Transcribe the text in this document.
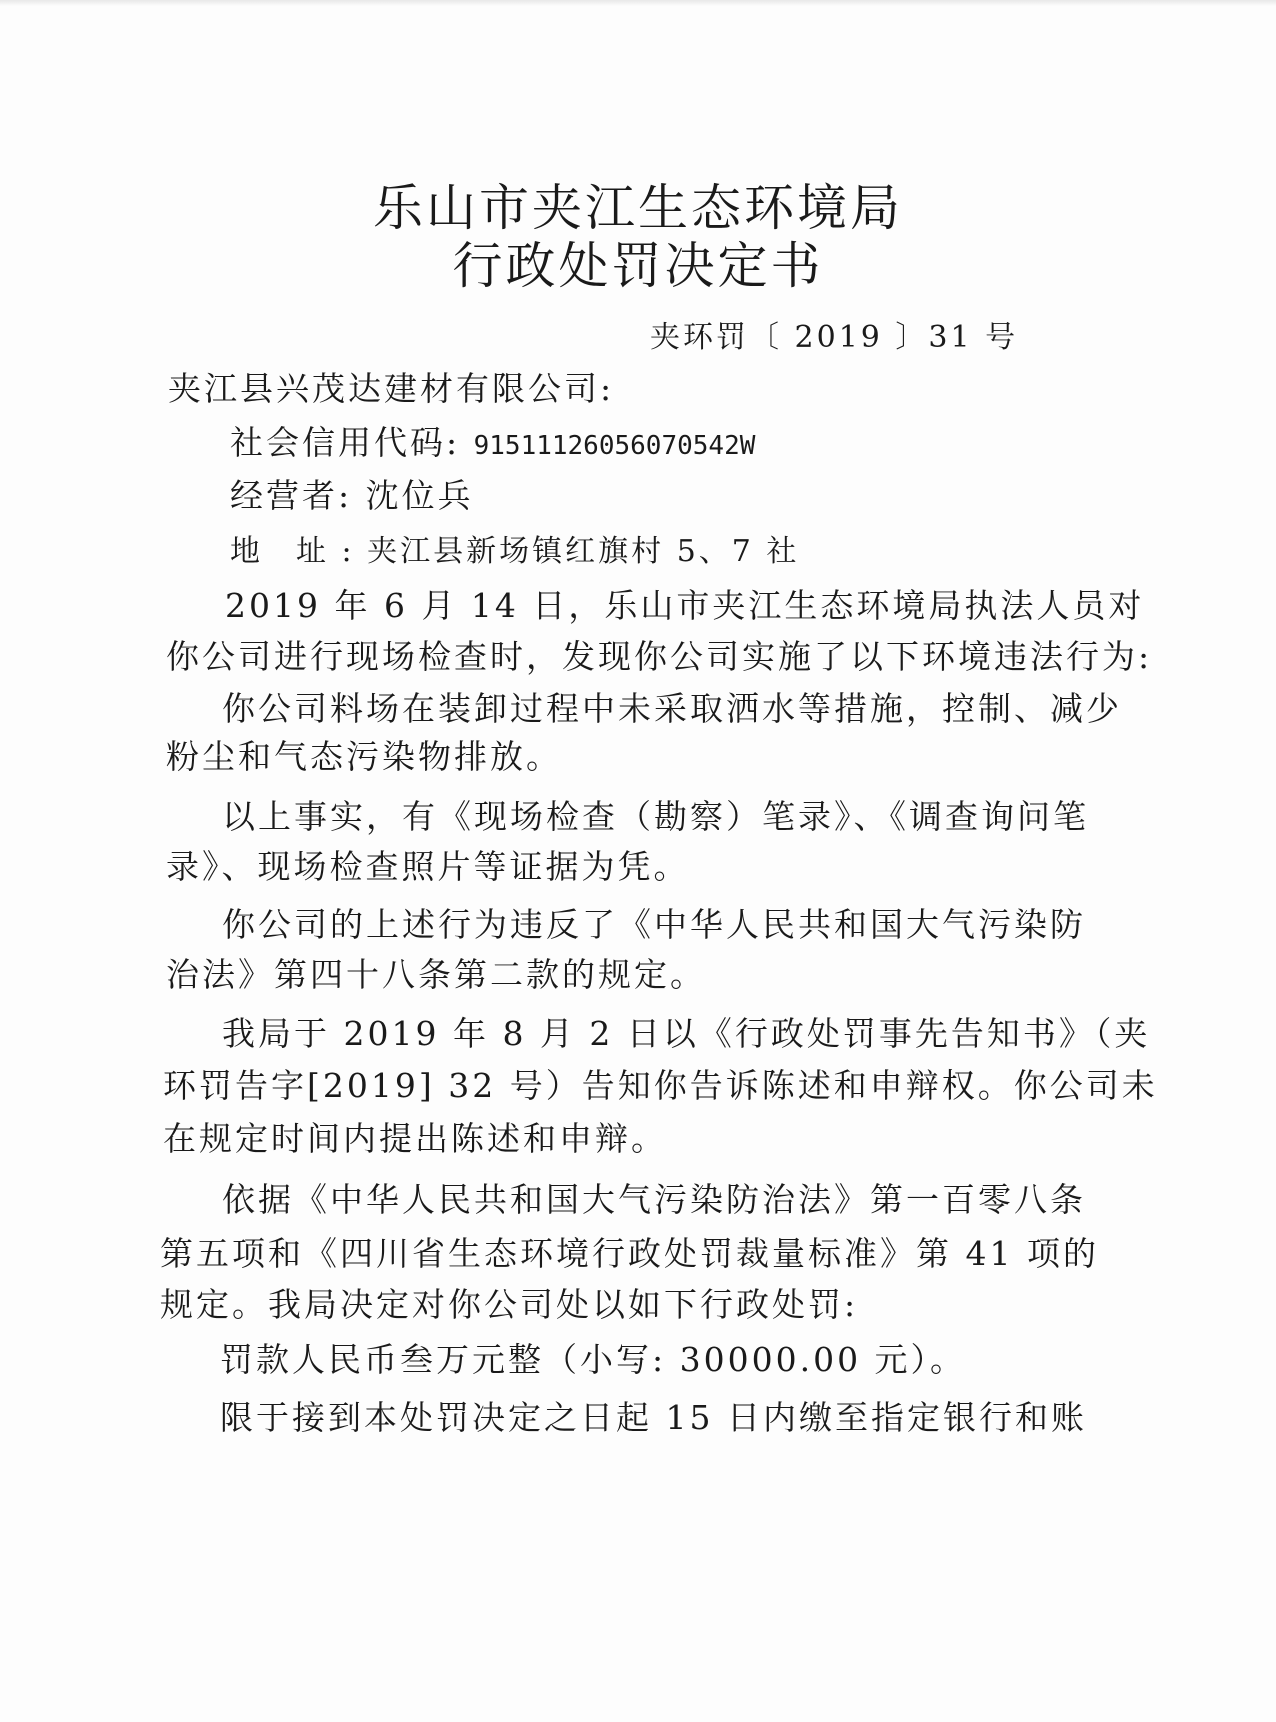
乐山市夹江生态环境局
行政处罚决定书
夹环罚〔 2019 〕31 号
夹江县兴茂达建材有限公司:
社会信用代码: 91511126056070542W
经营者: 沈位兵
地　址 : 夹江县新场镇红旗村 5、7 社
2019 年 6 月 14 日，乐山市夹江生态环境局执法人员对
你公司进行现场检查时，发现你公司实施了以下环境违法行为:
你公司料场在装卸过程中未采取洒水等措施，控制、减少
粉尘和气态污染物排放。
以上事实，有《现场检查（勘察）笔录》、《调查询问笔
录》、现场检查照片等证据为凭。
你公司的上述行为违反了《中华人民共和国大气污染防
治法》第四十八条第二款的规定。
我局于 2019 年 8 月 2 日以《行政处罚事先告知书》（夹
环罚告字[2019] 32 号）告知你告诉陈述和申辩权。你公司未
在规定时间内提出陈述和申辩。
依据《中华人民共和国大气污染防治法》第一百零八条
第五项和《四川省生态环境行政处罚裁量标准》第 41 项的
规定。我局决定对你公司处以如下行政处罚:
罚款人民币叁万元整（小写: 30000.00 元）。
限于接到本处罚决定之日起 15 日内缴至指定银行和账
